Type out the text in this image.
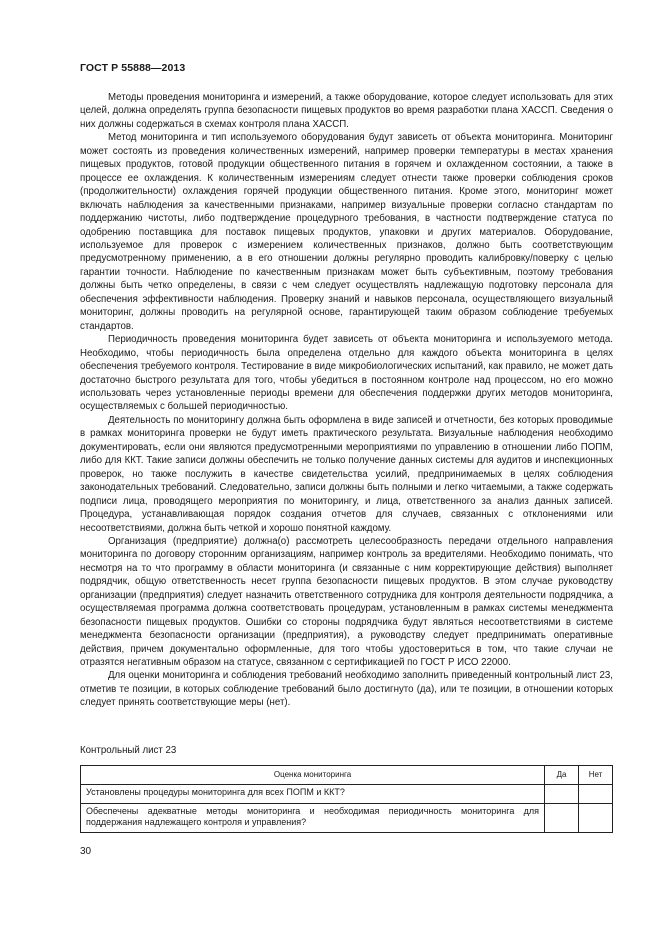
ГОСТ Р 55888—2013

Методы проведения мониторинга и измерений, а также оборудование, которое следует использовать для этих целей, должна определять группа безопасности пищевых продуктов во время разработки плана ХАССП. Сведения о них должны содержаться в схемах контроля плана ХАССП.

Метод мониторинга и тип используемого оборудования будут зависеть от объекта мониторинга. Мониторинг может состоять из проведения количественных измерений, например проверки температуры в местах хранения пищевых продуктов, готовой продукции общественного питания в горячем и охлажденном состоянии, а также в процессе ее охлаждения. К количественным измерениям следует отнести также проверки соблюдения сроков (продолжительности) охлаждения горячей продукции общественного питания. Кроме этого, мониторинг может включать наблюдения за качественными признаками, например визуальные проверки согласно стандартам по поддержанию чистоты, либо подтверждение процедурного требования, в частности подтверждение статуса по одобрению поставщика для поставок пищевых продуктов, упаковки и других материалов. Оборудование, используемое для проверок с измерением количественных признаков, должно быть соответствующим предусмотренному применению, а в его отношении должны регулярно проводить калибровку/поверку с целью гарантии точности. Наблюдение по качественным признакам может быть субъективным, поэтому требования должны быть четко определены, в связи с чем следует осуществлять надлежащую подготовку персонала для обеспечения эффективности наблюдения. Проверку знаний и навыков персонала, осуществляющего визуальный мониторинг, должны проводить на регулярной основе, гарантирующей таким образом соблюдение требуемых стандартов.

Периодичность проведения мониторинга будет зависеть от объекта мониторинга и используемого метода. Необходимо, чтобы периодичность была определена отдельно для каждого объекта мониторинга в целях обеспечения требуемого контроля. Тестирование в виде микробиологических испытаний, как правило, не может дать достаточно быстрого результата для того, чтобы убедиться в постоянном контроле над процессом, но его можно использовать через установленные периоды времени для обеспечения поддержки других методов мониторинга, осуществляемых с большей периодичностью.

Деятельность по мониторингу должна быть оформлена в виде записей и отчетности, без которых проводимые в рамках мониторинга проверки не будут иметь практического результата. Визуальные наблюдения необходимо документировать, если они являются предусмотренными мероприятиями по управлению в отношении либо ПОПМ, либо для ККТ. Такие записи должны обеспечить не только получение данных системы для аудитов и инспекционных проверок, но также послужить в качестве свидетельства усилий, предпринимаемых в целях соблюдения законодательных требований. Следовательно, записи должны быть полными и легко читаемыми, а также содержать подписи лица, проводящего мероприятия по мониторингу, и лица, ответственного за анализ данных записей. Процедура, устанавливающая порядок создания отчетов для случаев, связанных с отклонениями или несоответствиями, должна быть четкой и хорошо понятной каждому.

Организация (предприятие) должна(о) рассмотреть целесообразность передачи отдельного направления мониторинга по договору сторонним организациям, например контроль за вредителями. Необходимо понимать, что несмотря на то что программу в области мониторинга (и связанные с ним корректирующие действия) выполняет подрядчик, общую ответственность несет группа безопасности пищевых продуктов. В этом случае руководству организации (предприятия) следует назначить ответственного сотрудника для контроля деятельности подрядчика, а осуществляемая программа должна соответствовать процедурам, установленным в рамках системы менеджмента безопасности пищевых продуктов. Ошибки со стороны подрядчика будут являться несоответствиями в системе менеджмента безопасности организации (предприятия), а руководству следует предпринимать оперативные действия, причем документально оформленные, для того чтобы удостовериться в том, что такие случаи не отразятся негативным образом на статусе, связанном с сертификацией по ГОСТ Р ИСО 22000.

Для оценки мониторинга и соблюдения требований необходимо заполнить приведенный контрольный лист 23, отметив те позиции, в которых соблюдение требований было достигнуто (да), или те позиции, в отношении которых следует принять соответствующие меры (нет).

Контрольный лист 23
Оценка мониторинга	Да	Нет
Установлены процедуры мониторинга для всех ПОПМ и ККТ?		
Обеспечены адекватные методы мониторинга и необходимая периодичность мониторинга для поддержания надлежащего контроля и управления?		
30
